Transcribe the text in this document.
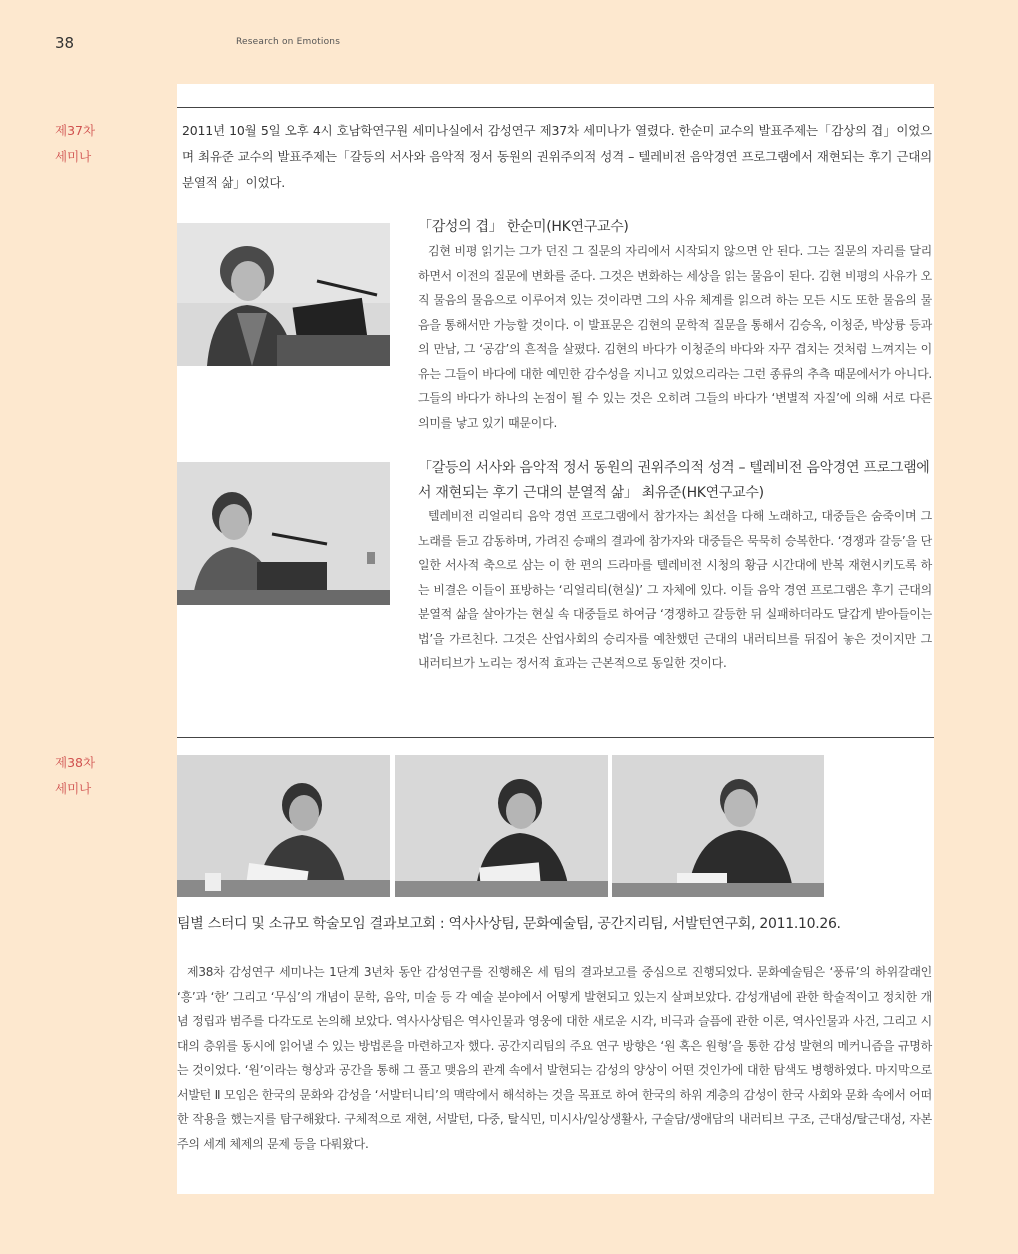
38	Research on Emotions
제37차
세미나

2011년 10월 5일 오후 4시 호남학연구원 세미나실에서 감성연구 제37차 세미나가 열렸다. 한순미 교수의 발표주제는「감상의 겹」이었으며 최유준 교수의 발표주제는「갈등의 서사와 음악적 정서 동원의 권위주의적 성격 – 텔레비전 음악경연 프로그램에서 재현되는 후기 근대의 분열적 삶」이었다.

「감성의 겹」 한순미(HK연구교수)

김현 비평 읽기는 그가 던진 그 질문의 자리에서 시작되지 않으면 안 된다. 그는 질문의 자리를 달리하면서 이전의 질문에 변화를 준다. 그것은 변화하는 세상을 읽는 물음이 된다. 김현 비평의 사유가 오직 물음의 물음으로 이루어져 있는 것이라면 그의 사유 체계를 읽으려 하는 모든 시도 또한 물음의 물음을 통해서만 가능할 것이다. 이 발표문은 김현의 문학적 질문을 통해서 김승옥, 이청준, 박상륭 등과의 만남, 그 ‘공감’의 흔적을 살폈다. 김현의 바다가 이청준의 바다와 자꾸 겹치는 것처럼 느껴지는 이유는 그들이 바다에 대한 예민한 감수성을 지니고 있었으리라는 그런 종류의 추측 때문에서가 아니다. 그들의 바다가 하나의 논점이 될 수 있는 것은 오히려 그들의 바다가 ‘변별적 자질’에 의해 서로 다른 의미를 낳고 있기 때문이다.

「갈등의 서사와 음악적 정서 동원의 권위주의적 성격 – 텔레비전 음악경연 프로그램에서 재현되는 후기 근대의 분열적 삶」 최유준(HK연구교수)

텔레비전 리얼리티 음악 경연 프로그램에서 참가자는 최선을 다해 노래하고, 대중들은 숨죽이며 그 노래를 듣고 감동하며, 가려진 승패의 결과에 참가자와 대중들은 묵묵히 승복한다. ‘경쟁과 갈등’을 단일한 서사적 축으로 삼는 이 한 편의 드라마를 텔레비전 시청의 황금 시간대에 반복 재현시키도록 하는 비결은 이들이 표방하는 ‘리얼리티(현실)’ 그 자체에 있다. 이들 음악 경연 프로그램은 후기 근대의 분열적 삶을 살아가는 현실 속 대중들로 하여금 ‘경쟁하고 갈등한 뒤 실패하더라도 달갑게 받아들이는 법’을 가르친다. 그것은 산업사회의 승리자를 예찬했던 근대의 내러티브를 뒤집어 놓은 것이지만 그 내러티브가 노리는 정서적 효과는 근본적으로 동일한 것이다.

제38차
세미나
팀별 스터디 및 소규모 학술모임 결과보고회 : 역사사상팀, 문화예술팀, 공간지리팀, 서발턴연구회, 2011.10.26.

제38차 감성연구 세미나는 1단계 3년차 동안 감성연구를 진행해온 세 팀의 결과보고를 중심으로 진행되었다. 문화예술팀은 ‘풍류’의 하위갈래인 ‘흥’과 ‘한’ 그리고 ‘무심’의 개념이 문학, 음악, 미술 등 각 예술 분야에서 어떻게 발현되고 있는지 살펴보았다. 감성개념에 관한 학술적이고 정치한 개념 정립과 범주를 다각도로 논의해 보았다. 역사사상팀은 역사인물과 영웅에 대한 새로운 시각, 비극과 슬픔에 관한 이론, 역사인물과 사건, 그리고 시대의 층위를 동시에 읽어낼 수 있는 방법론을 마련하고자 했다. 공간지리팀의 주요 연구 방향은 ‘원 혹은 원형’을 통한 감성 발현의 메커니즘을 규명하는 것이었다. ‘원’이라는 형상과 공간을 통해 그 풀고 맺음의 관계 속에서 발현되는 감성의 양상이 어떤 것인가에 대한 탐색도 병행하였다. 마지막으로 서발턴 Ⅱ 모임은 한국의 문화와 감성을 ‘서발터니티’의 맥락에서 해석하는 것을 목표로 하여 한국의 하위 계층의 감성이 한국 사회와 문화 속에서 어떠한 작용을 했는지를 탐구해왔다. 구체적으로 재현, 서발턴, 다중, 탈식민, 미시사/일상생활사, 구술담/생애담의 내러티브 구조, 근대성/탈근대성, 자본주의 세계 체제의 문제 등을 다뤄왔다.
